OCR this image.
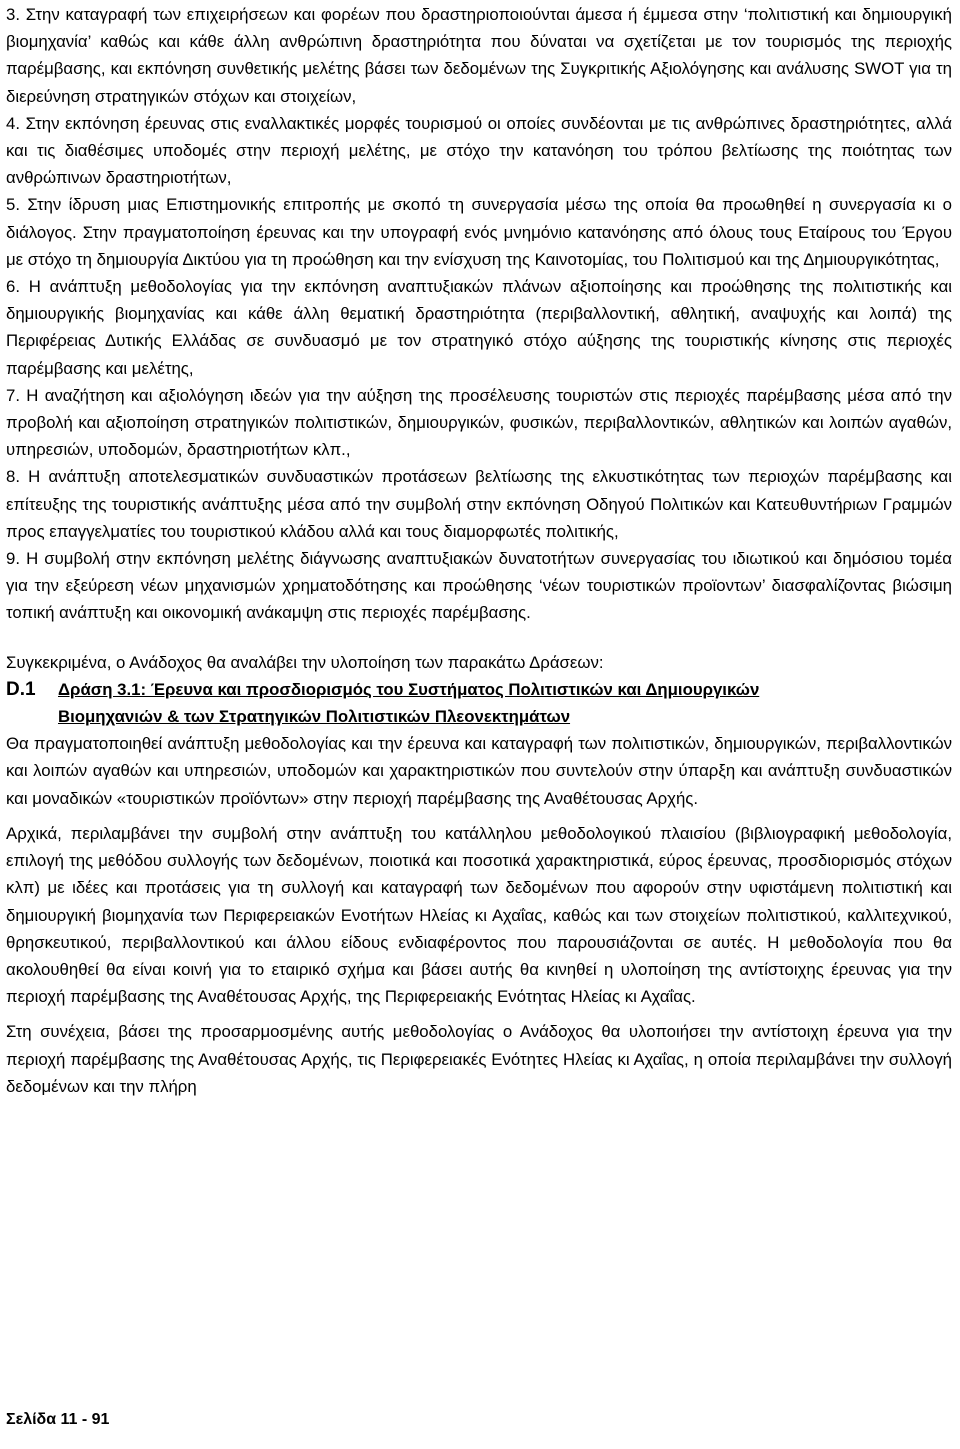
3. Στην καταγραφή των επιχειρήσεων και φορέων που δραστηριοποιούνται άμεσα ή έμμεσα στην ‘πολιτιστική και δημιουργική βιομηχανία’ καθώς και κάθε άλλη ανθρώπινη δραστηριότητα που δύναται να σχετίζεται με τον τουρισμός της περιοχής παρέμβασης, και εκπόνηση συνθετικής μελέτης βάσει των δεδομένων της Συγκριτικής Αξιολόγησης και ανάλυσης SWOT για τη διερεύνηση στρατηγικών στόχων και στοιχείων,

4. Στην εκπόνηση έρευνας στις εναλλακτικές μορφές τουρισμού οι οποίες συνδέονται με τις ανθρώπινες δραστηριότητες, αλλά και τις διαθέσιμες υποδομές στην περιοχή μελέτης, με στόχο την κατανόηση του τρόπου βελτίωσης της ποιότητας των ανθρώπινων δραστηριοτήτων,

5. Στην ίδρυση μιας Επιστημονικής επιτροπής με σκοπό τη συνεργασία μέσω της οποία θα προωθηθεί η συνεργασία κι ο διάλογος. Στην πραγματοποίηση έρευνας και την υπογραφή ενός μνημόνιο κατανόησης από όλους τους Εταίρους του Έργου με στόχο τη δημιουργία Δικτύου για τη προώθηση και την ενίσχυση της Καινοτομίας, του Πολιτισμού και της Δημιουργικότητας,

6. Η ανάπτυξη μεθοδολογίας για την εκπόνηση αναπτυξιακών πλάνων αξιοποίησης και προώθησης της πολιτιστικής και δημιουργικής βιομηχανίας και κάθε άλλη θεματική δραστηριότητα (περιβαλλοντική, αθλητική, αναψυχής και λοιπά) της Περιφέρειας Δυτικής Ελλάδας σε συνδυασμό με τον στρατηγικό στόχο αύξησης της τουριστικής κίνησης στις περιοχές παρέμβασης και μελέτης,

7. Η αναζήτηση και αξιολόγηση ιδεών για την αύξηση της προσέλευσης τουριστών στις περιοχές παρέμβασης μέσα από την προβολή και αξιοποίηση στρατηγικών πολιτιστικών, δημιουργικών, φυσικών, περιβαλλοντικών, αθλητικών και λοιπών αγαθών, υπηρεσιών, υποδομών, δραστηριοτήτων κλπ.,

8. Η ανάπτυξη αποτελεσματικών συνδυαστικών προτάσεων βελτίωσης της ελκυστικότητας των περιοχών παρέμβασης και επίτευξης της τουριστικής ανάπτυξης μέσα από την συμβολή στην εκπόνηση Οδηγού Πολιτικών και Κατευθυντήριων Γραμμών προς επαγγελματίες του τουριστικού κλάδου αλλά και τους διαμορφωτές πολιτικής,

9. Η συμβολή στην εκπόνηση μελέτης διάγνωσης αναπτυξιακών δυνατοτήτων συνεργασίας του ιδιωτικού και δημόσιου τομέα για την εξεύρεση νέων μηχανισμών χρηματοδότησης και προώθησης ‘νέων τουριστικών προϊοντων’ διασφαλίζοντας βιώσιμη τοπική ανάπτυξη και οικονομική ανάκαμψη στις περιοχές παρέμβασης.

Συγκεκριμένα, ο Ανάδοχος θα αναλάβει την υλοποίηση των παρακάτω Δράσεων:

D.1 Δράση 3.1: Έρευνα και προσδιορισμός του Συστήματος Πολιτιστικών και Δημιουργικών
Βιομηχανιών & των Στρατηγικών Πολιτιστικών Πλεονεκτημάτων

Θα πραγματοποιηθεί ανάπτυξη μεθοδολογίας και την έρευνα και καταγραφή των πολιτιστικών, δημιουργικών, περιβαλλοντικών και λοιπών αγαθών και υπηρεσιών, υποδομών και χαρακτηριστικών που συντελούν στην ύπαρξη και ανάπτυξη συνδυαστικών και μοναδικών «τουριστικών προϊόντων» στην περιοχή παρέμβασης της Αναθέτουσας Αρχής.

Αρχικά, περιλαμβάνει την συμβολή στην ανάπτυξη του κατάλληλου μεθοδολογικού πλαισίου (βιβλιογραφική μεθοδολογία, επιλογή της μεθόδου συλλογής των δεδομένων, ποιοτικά και ποσοτικά χαρακτηριστικά, εύρος έρευνας, προσδιορισμός στόχων κλπ) με ιδέες και προτάσεις για τη συλλογή και καταγραφή των δεδομένων που αφορούν στην υφιστάμενη πολιτιστική και δημιουργική βιομηχανία των Περιφερειακών Ενοτήτων Ηλείας κι Αχαΐας, καθώς και των στοιχείων πολιτιστικού, καλλιτεχνικού, θρησκευτικού, περιβαλλοντικού και άλλου είδους ενδιαφέροντος που παρουσιάζονται σε αυτές. Η μεθοδολογία που θα ακολουθηθεί θα είναι κοινή για το εταιρικό σχήμα και βάσει αυτής θα κινηθεί η υλοποίηση της αντίστοιχης έρευνας για την περιοχή παρέμβασης της Αναθέτουσας Αρχής, της Περιφερειακής Ενότητας Ηλείας κι Αχαΐας.

Στη συνέχεια, βάσει της προσαρμοσμένης αυτής μεθοδολογίας ο Ανάδοχος θα υλοποιήσει την αντίστοιχη έρευνα για την περιοχή παρέμβασης της Αναθέτουσας Αρχής, τις Περιφερειακές Ενότητες Ηλείας κι Αχαΐας, η οποία περιλαμβάνει την συλλογή δεδομένων και την πλήρη

Σελίδα 11 - 91
